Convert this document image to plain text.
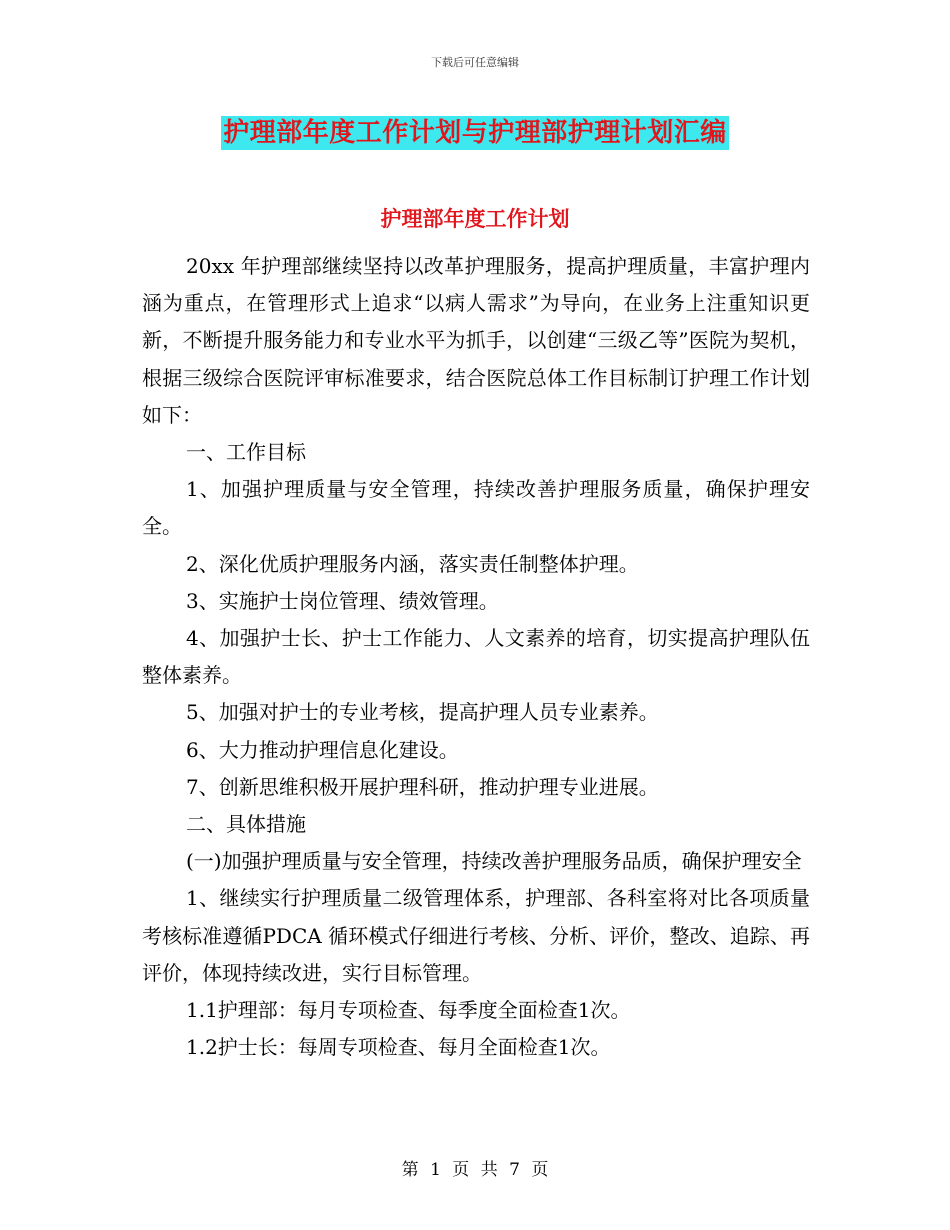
下载后可任意编辑
护理部年度工作计划与护理部护理计划汇编
护理部年度工作计划

20xx 年护理部继续坚持以改革护理服务，提高护理质量，丰富护理内涵为重点，在管理形式上追求“以病人需求”为导向，在业务上注重知识更新，不断提升服务能力和专业水平为抓手，以创建“三级乙等”医院为契机，根据三级综合医院评审标准要求，结合医院总体工作目标制订护理工作计划如下：

一、工作目标

1、加强护理质量与安全管理，持续改善护理服务质量，确保护理安全。

2、深化优质护理服务内涵，落实责任制整体护理。

3、实施护士岗位管理、绩效管理。

4、加强护士长、护士工作能力、人文素养的培育，切实提高护理队伍整体素养。

5、加强对护士的专业考核，提高护理人员专业素养。

6、大力推动护理信息化建设。

7、创新思维积极开展护理科研，推动护理专业进展。

二、具体措施

(一)加强护理质量与安全管理，持续改善护理服务品质，确保护理安全

1、继续实行护理质量二级管理体系，护理部、各科室将对比各项质量考核标准遵循PDCA 循环模式仔细进行考核、分析、评价，整改、追踪、再评价，体现持续改进，实行目标管理。

1.1护理部：每月专项检查、每季度全面检查1次。

1.2护士长：每周专项检查、每月全面检查1次。

第 1 页 共 7 页
